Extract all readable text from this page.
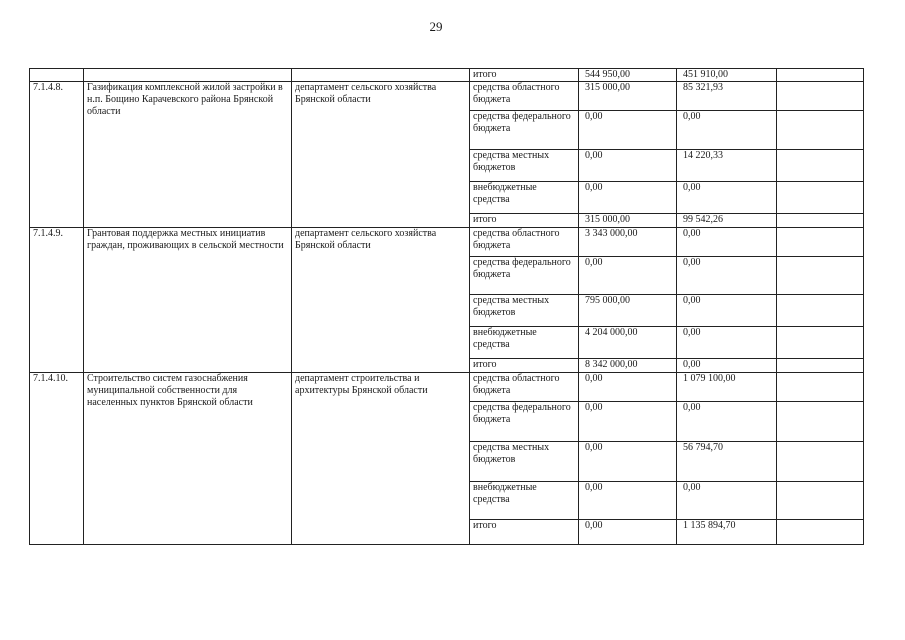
29
			итого	544 950,00	451 910,00	
7.1.4.8.	Газификация комплексной жилой застройки в н.п. Бощино Карачевского района Брянской области	департамент сельского хозяйства Брянской области	средства областного бюджета	315 000,00	85 321,93	
			средства федерального бюджета	0,00	0,00	
			средства местных бюджетов	0,00	14 220,33	
			внебюджетные средства	0,00	0,00	
			итого	315 000,00	99 542,26	
7.1.4.9.	Грантовая поддержка местных инициатив граждан, проживающих в сельской местности	департамент сельского хозяйства Брянской области	средства областного бюджета	3 343 000,00	0,00	
			средства федерального бюджета	0,00	0,00	
			средства местных бюджетов	795 000,00	0,00	
			внебюджетные средства	4 204 000,00	0,00	
			итого	8 342 000,00	0,00	
7.1.4.10.	Строительство систем газоснабжения муниципальной собственности для населенных пунктов Брянской области	департамент строительства и архитектуры Брянской области	средства областного бюджета	0,00	1 079 100,00	
			средства федерального бюджета	0,00	0,00	
			средства местных бюджетов	0,00	56 794,70	
			внебюджетные средства	0,00	0,00	
			итого	0,00	1 135 894,70	
